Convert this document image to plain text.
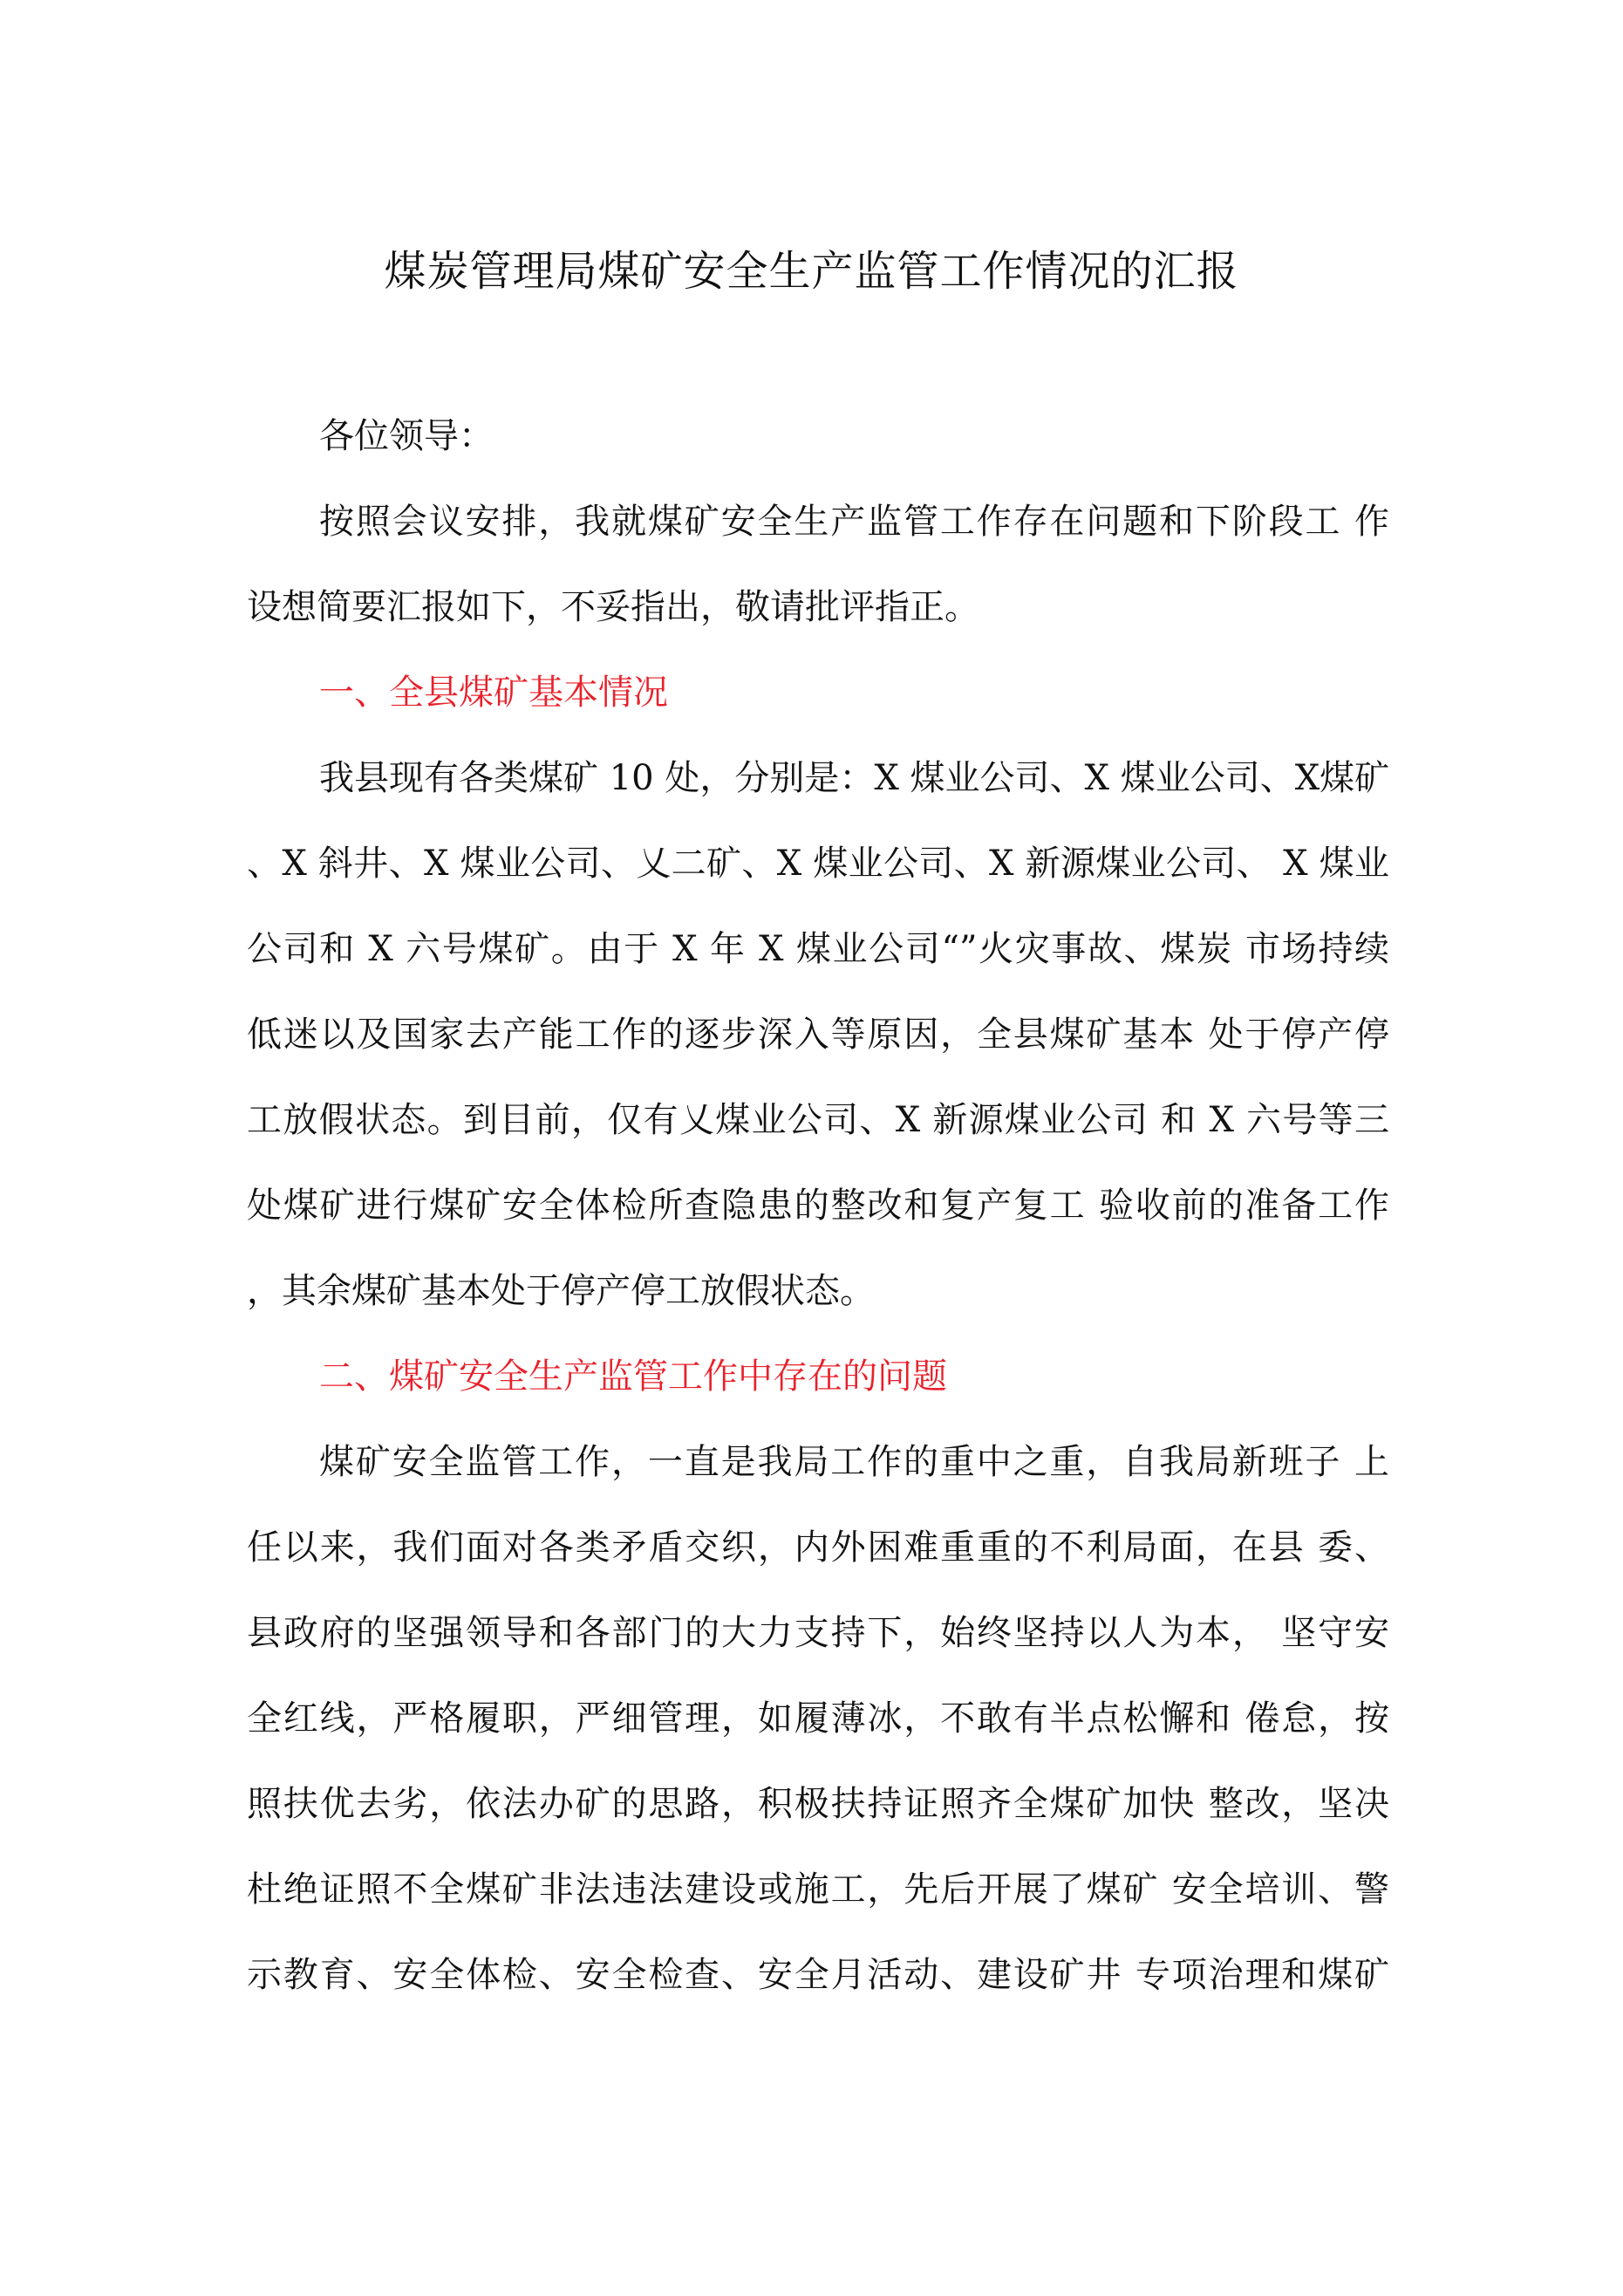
煤炭管理局煤矿安全生产监管工作情况的汇报
各位领导：
按照会议安排，我就煤矿安全生产监管工作存在问题和下阶段工 作
设想简要汇报如下，不妥指出，敬请批评指正。
一、全县煤矿基本情况
我县现有各类煤矿 10 处，分别是：X 煤业公司、X 煤业公司、X煤矿
、X 斜井、X 煤业公司、乂二矿、X 煤业公司、X 新源煤业公司、 X 煤业
公司和 X 六号煤矿。由于 X 年 X 煤业公司“”火灾事故、煤炭 市场持续
低迷以及国家去产能工作的逐步深入等原因，全县煤矿基本 处于停产停
工放假状态。到目前，仅有乂煤业公司、X 新源煤业公司 和 X 六号等三
处煤矿进行煤矿安全体检所查隐患的整改和复产复工 验收前的准备工作
，其余煤矿基本处于停产停工放假状态。
二、煤矿安全生产监管工作中存在的问题
煤矿安全监管工作，一直是我局工作的重中之重，自我局新班子 上
任以来，我们面对各类矛盾交织，内外困难重重的不利局面，在县 委、
县政府的坚强领导和各部门的大力支持下，始终坚持以人为本， 坚守安
全红线，严格履职，严细管理，如履薄冰，不敢有半点松懈和 倦怠，按
照扶优去劣，依法办矿的思路，积极扶持证照齐全煤矿加快 整改，坚决
杜绝证照不全煤矿非法违法建设或施工，先后开展了煤矿 安全培训、警
示教育、安全体检、安全检查、安全月活动、建设矿井 专项治理和煤矿
